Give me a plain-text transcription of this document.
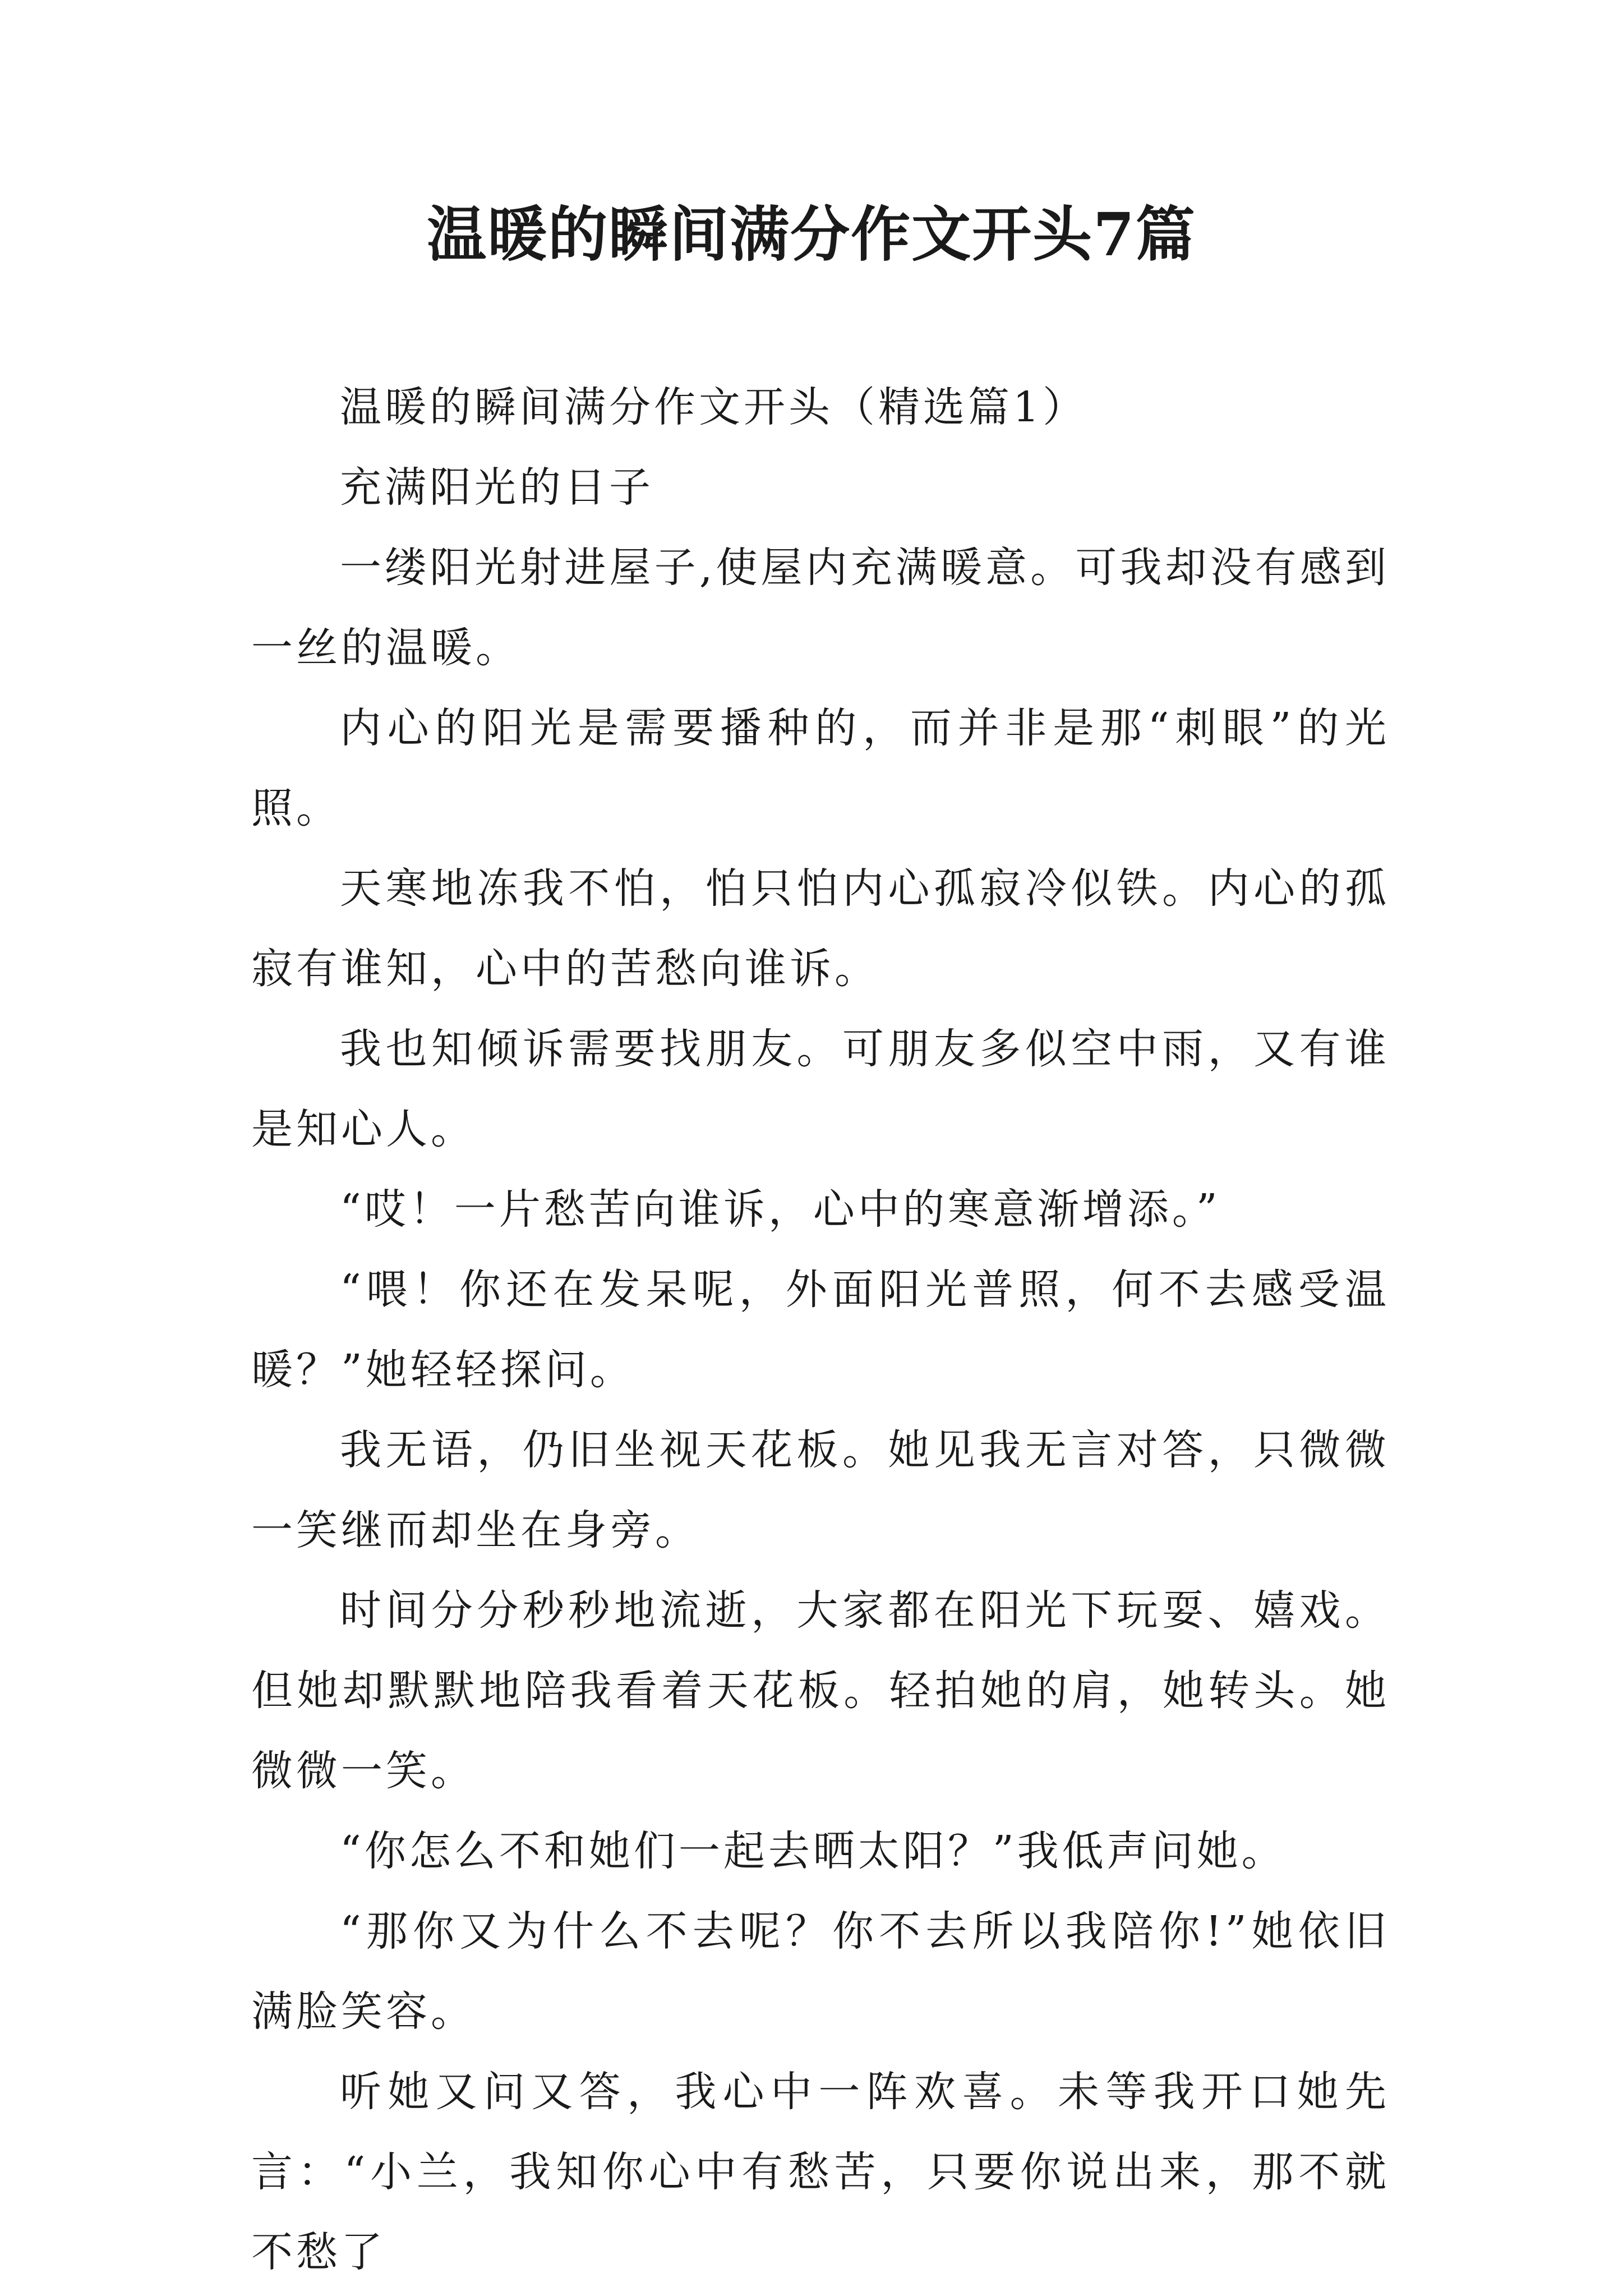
温暖的瞬间满分作文开头7篇

温暖的瞬间满分作文开头（精选篇1）

充满阳光的日子

一缕阳光射进屋子,使屋内充满暖意。可我却没有感到一丝的温暖。

内心的阳光是需要播种的，而并非是那“刺眼”的光照。

天寒地冻我不怕，怕只怕内心孤寂冷似铁。内心的孤寂有谁知，心中的苦愁向谁诉。

我也知倾诉需要找朋友。可朋友多似空中雨，又有谁是知心人。

“哎！一片愁苦向谁诉，心中的寒意渐增添。”

“喂！你还在发呆呢，外面阳光普照，何不去感受温暖？”她轻轻探问。

我无语，仍旧坐视天花板。她见我无言对答，只微微一笑继而却坐在身旁。

时间分分秒秒地流逝，大家都在阳光下玩耍、嬉戏。但她却默默地陪我看着天花板。轻拍她的肩，她转头。她微微一笑。

“你怎么不和她们一起去晒太阳？”我低声问她。

“那你又为什么不去呢？你不去所以我陪你!”她依旧满脸笑容。

听她又问又答，我心中一阵欢喜。未等我开口她先言：“小兰，我知你心中有愁苦，只要你说出来，那不就不愁了
